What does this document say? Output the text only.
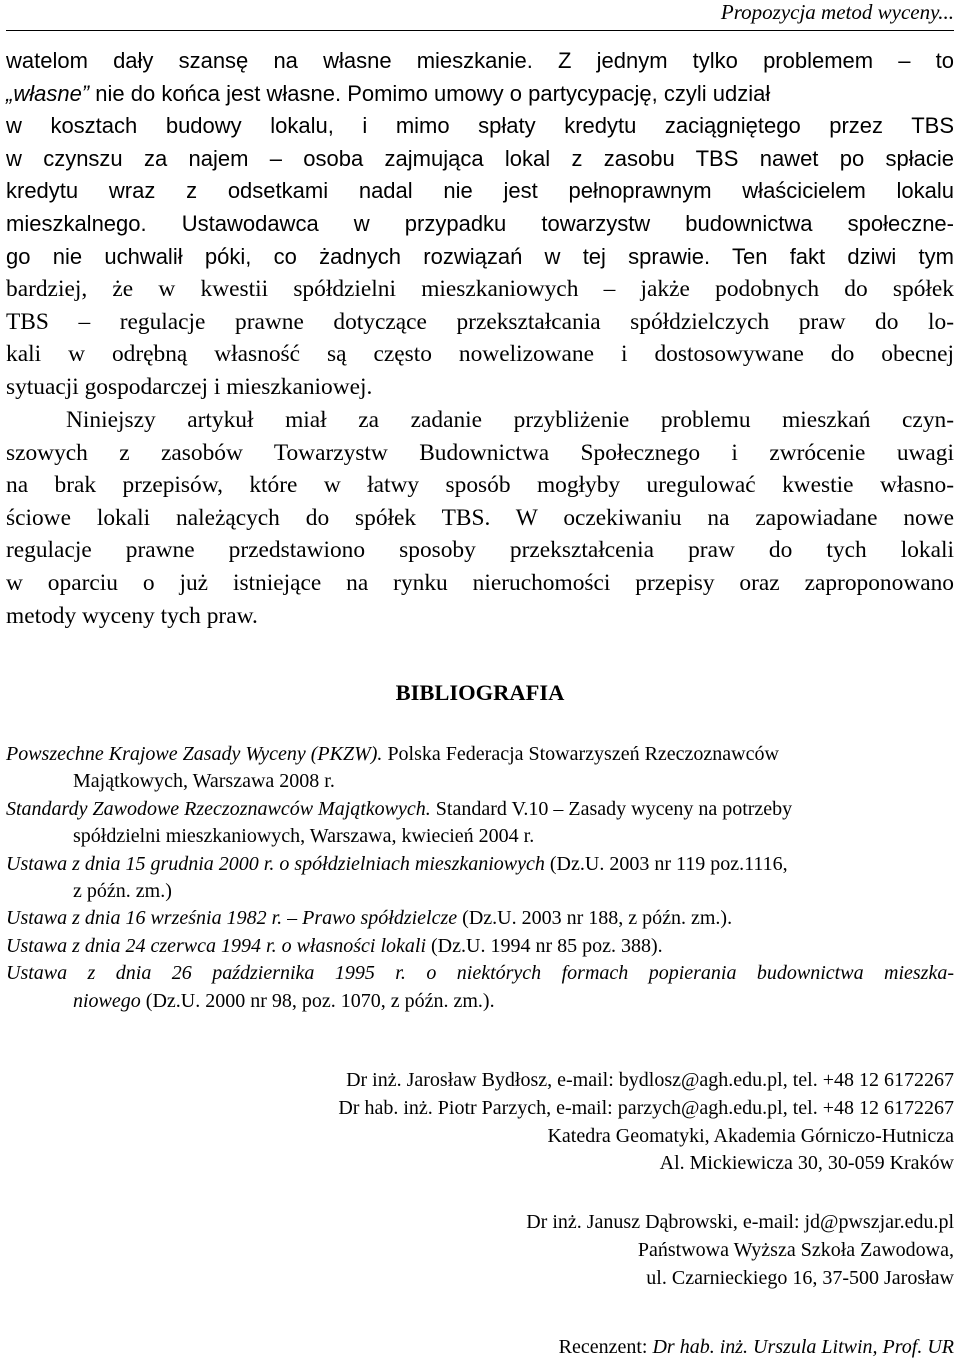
Propozycja metod wyceny...
watelom dały szansę na własne mieszkanie. Z jednym tylko problemem – to
„własne” nie do końca jest własne. Pomimo umowy o partycypację, czyli udział
w kosztach budowy lokalu, i mimo spłaty kredytu zaciągniętego przez TBS
w czynszu za najem – osoba zajmująca lokal z zasobu TBS nawet po spłacie
kredytu wraz z odsetkami nadal nie jest pełnoprawnym właścicielem lokalu
mieszkalnego. Ustawodawca w przypadku towarzystw budownictwa społeczne-
go nie uchwalił póki, co żadnych rozwiązań w tej sprawie. Ten fakt dziwi tym
bardziej, że w kwestii spółdzielni mieszkaniowych – jakże podobnych do spółek
TBS – regulacje prawne dotyczące przekształcania spółdzielczych praw do lo-
kali w odrębną własność są często nowelizowane i dostosowywane do obecnej
sytuacji gospodarczej i mieszkaniowej.
Niniejszy artykuł miał za zadanie przybliżenie problemu mieszkań czyn-
szowych z zasobów Towarzystw Budownictwa Społecznego i zwrócenie uwagi
na brak przepisów, które w łatwy sposób mogłyby uregulować kwestie własno-
ściowe lokali należących do spółek TBS. W oczekiwaniu na zapowiadane nowe
regulacje prawne przedstawiono sposoby przekształcenia praw do tych lokali
w oparciu o już istniejące na rynku nieruchomości przepisy oraz zaproponowano
metody wyceny tych praw.
BIBLIOGRAFIA
Powszechne Krajowe Zasady Wyceny (PKZW). Polska Federacja Stowarzyszeń Rzeczoznawców
Majątkowych, Warszawa 2008 r.
Standardy Zawodowe Rzeczoznawców Majątkowych. Standard V.10 – Zasady wyceny na potrzeby
spółdzielni mieszkaniowych, Warszawa, kwiecień 2004 r.
Ustawa z dnia 15 grudnia 2000 r. o spółdzielniach mieszkaniowych (Dz.U. 2003 nr 119 poz.1116,
z późn. zm.)
Ustawa z dnia 16 września 1982 r. – Prawo spółdzielcze (Dz.U. 2003 nr 188, z późn. zm.).
Ustawa z dnia 24 czerwca 1994 r. o własności lokali (Dz.U. 1994 nr 85 poz. 388).
Ustawa z dnia 26 października 1995 r. o niektórych formach popierania budownictwa mieszka-
niowego (Dz.U. 2000 nr 98, poz. 1070, z późn. zm.).
Dr inż. Jarosław Bydłosz, e-mail: bydlosz@agh.edu.pl, tel. +48 12 6172267
Dr hab. inż. Piotr Parzych, e-mail: parzych@agh.edu.pl, tel. +48 12 6172267
Katedra Geomatyki, Akademia Górniczo-Hutnicza
Al. Mickiewicza 30, 30-059 Kraków
Dr inż. Janusz Dąbrowski, e-mail: jd@pwszjar.edu.pl
Państwowa Wyższa Szkoła Zawodowa,
ul. Czarnieckiego 16, 37-500 Jarosław
Recenzent: Dr hab. inż. Urszula Litwin, Prof. UR
